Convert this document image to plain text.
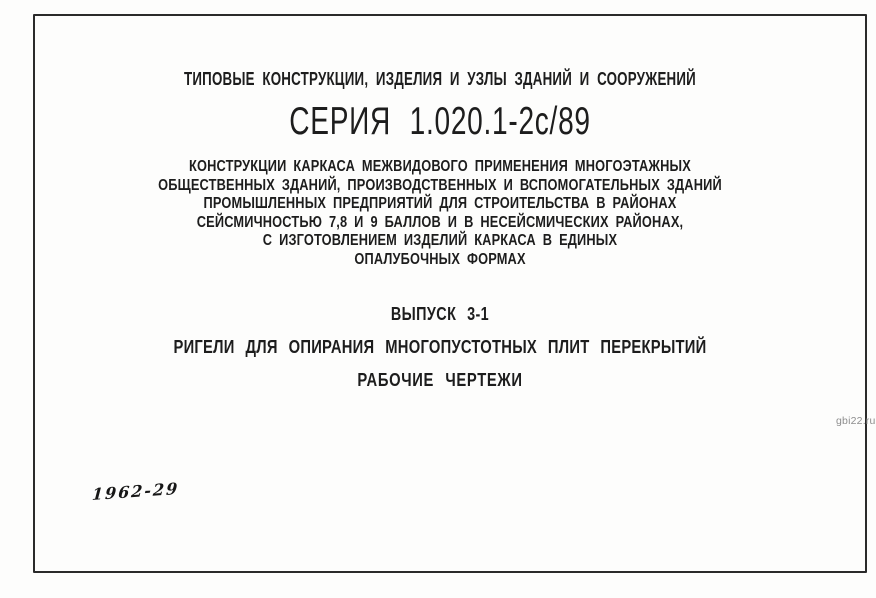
ТИПОВЫЕ КОНСТРУКЦИИ, ИЗДЕЛИЯ И УЗЛЫ ЗДАНИЙ И СООРУЖЕНИЙ
СЕРИЯ 1.020.1-2с/89
КОНСТРУКЦИИ КАРКАСА МЕЖВИДОВОГО ПРИМЕНЕНИЯ МНОГОЭТАЖНЫХ
ОБЩЕСТВЕННЫХ ЗДАНИЙ, ПРОИЗВОДСТВЕННЫХ И ВСПОМОГАТЕЛЬНЫХ ЗДАНИЙ
ПРОМЫШЛЕННЫХ ПРЕДПРИЯТИЙ ДЛЯ СТРОИТЕЛЬСТВА В РАЙОНАХ
СЕЙСМИЧНОСТЬЮ 7,8 И 9 БАЛЛОВ И В НЕСЕЙСМИЧЕСКИХ РАЙОНАХ,
С ИЗГОТОВЛЕНИЕМ ИЗДЕЛИЙ КАРКАСА В ЕДИНЫХ
ОПАЛУБОЧНЫХ ФОРМАХ
ВЫПУСК 3-1
РИГЕЛИ ДЛЯ ОПИРАНИЯ МНОГОПУСТОТНЫХ ПЛИТ ПЕРЕКРЫТИЙ
РАБОЧИЕ ЧЕРТЕЖИ
1962-29
gbi22.ru
